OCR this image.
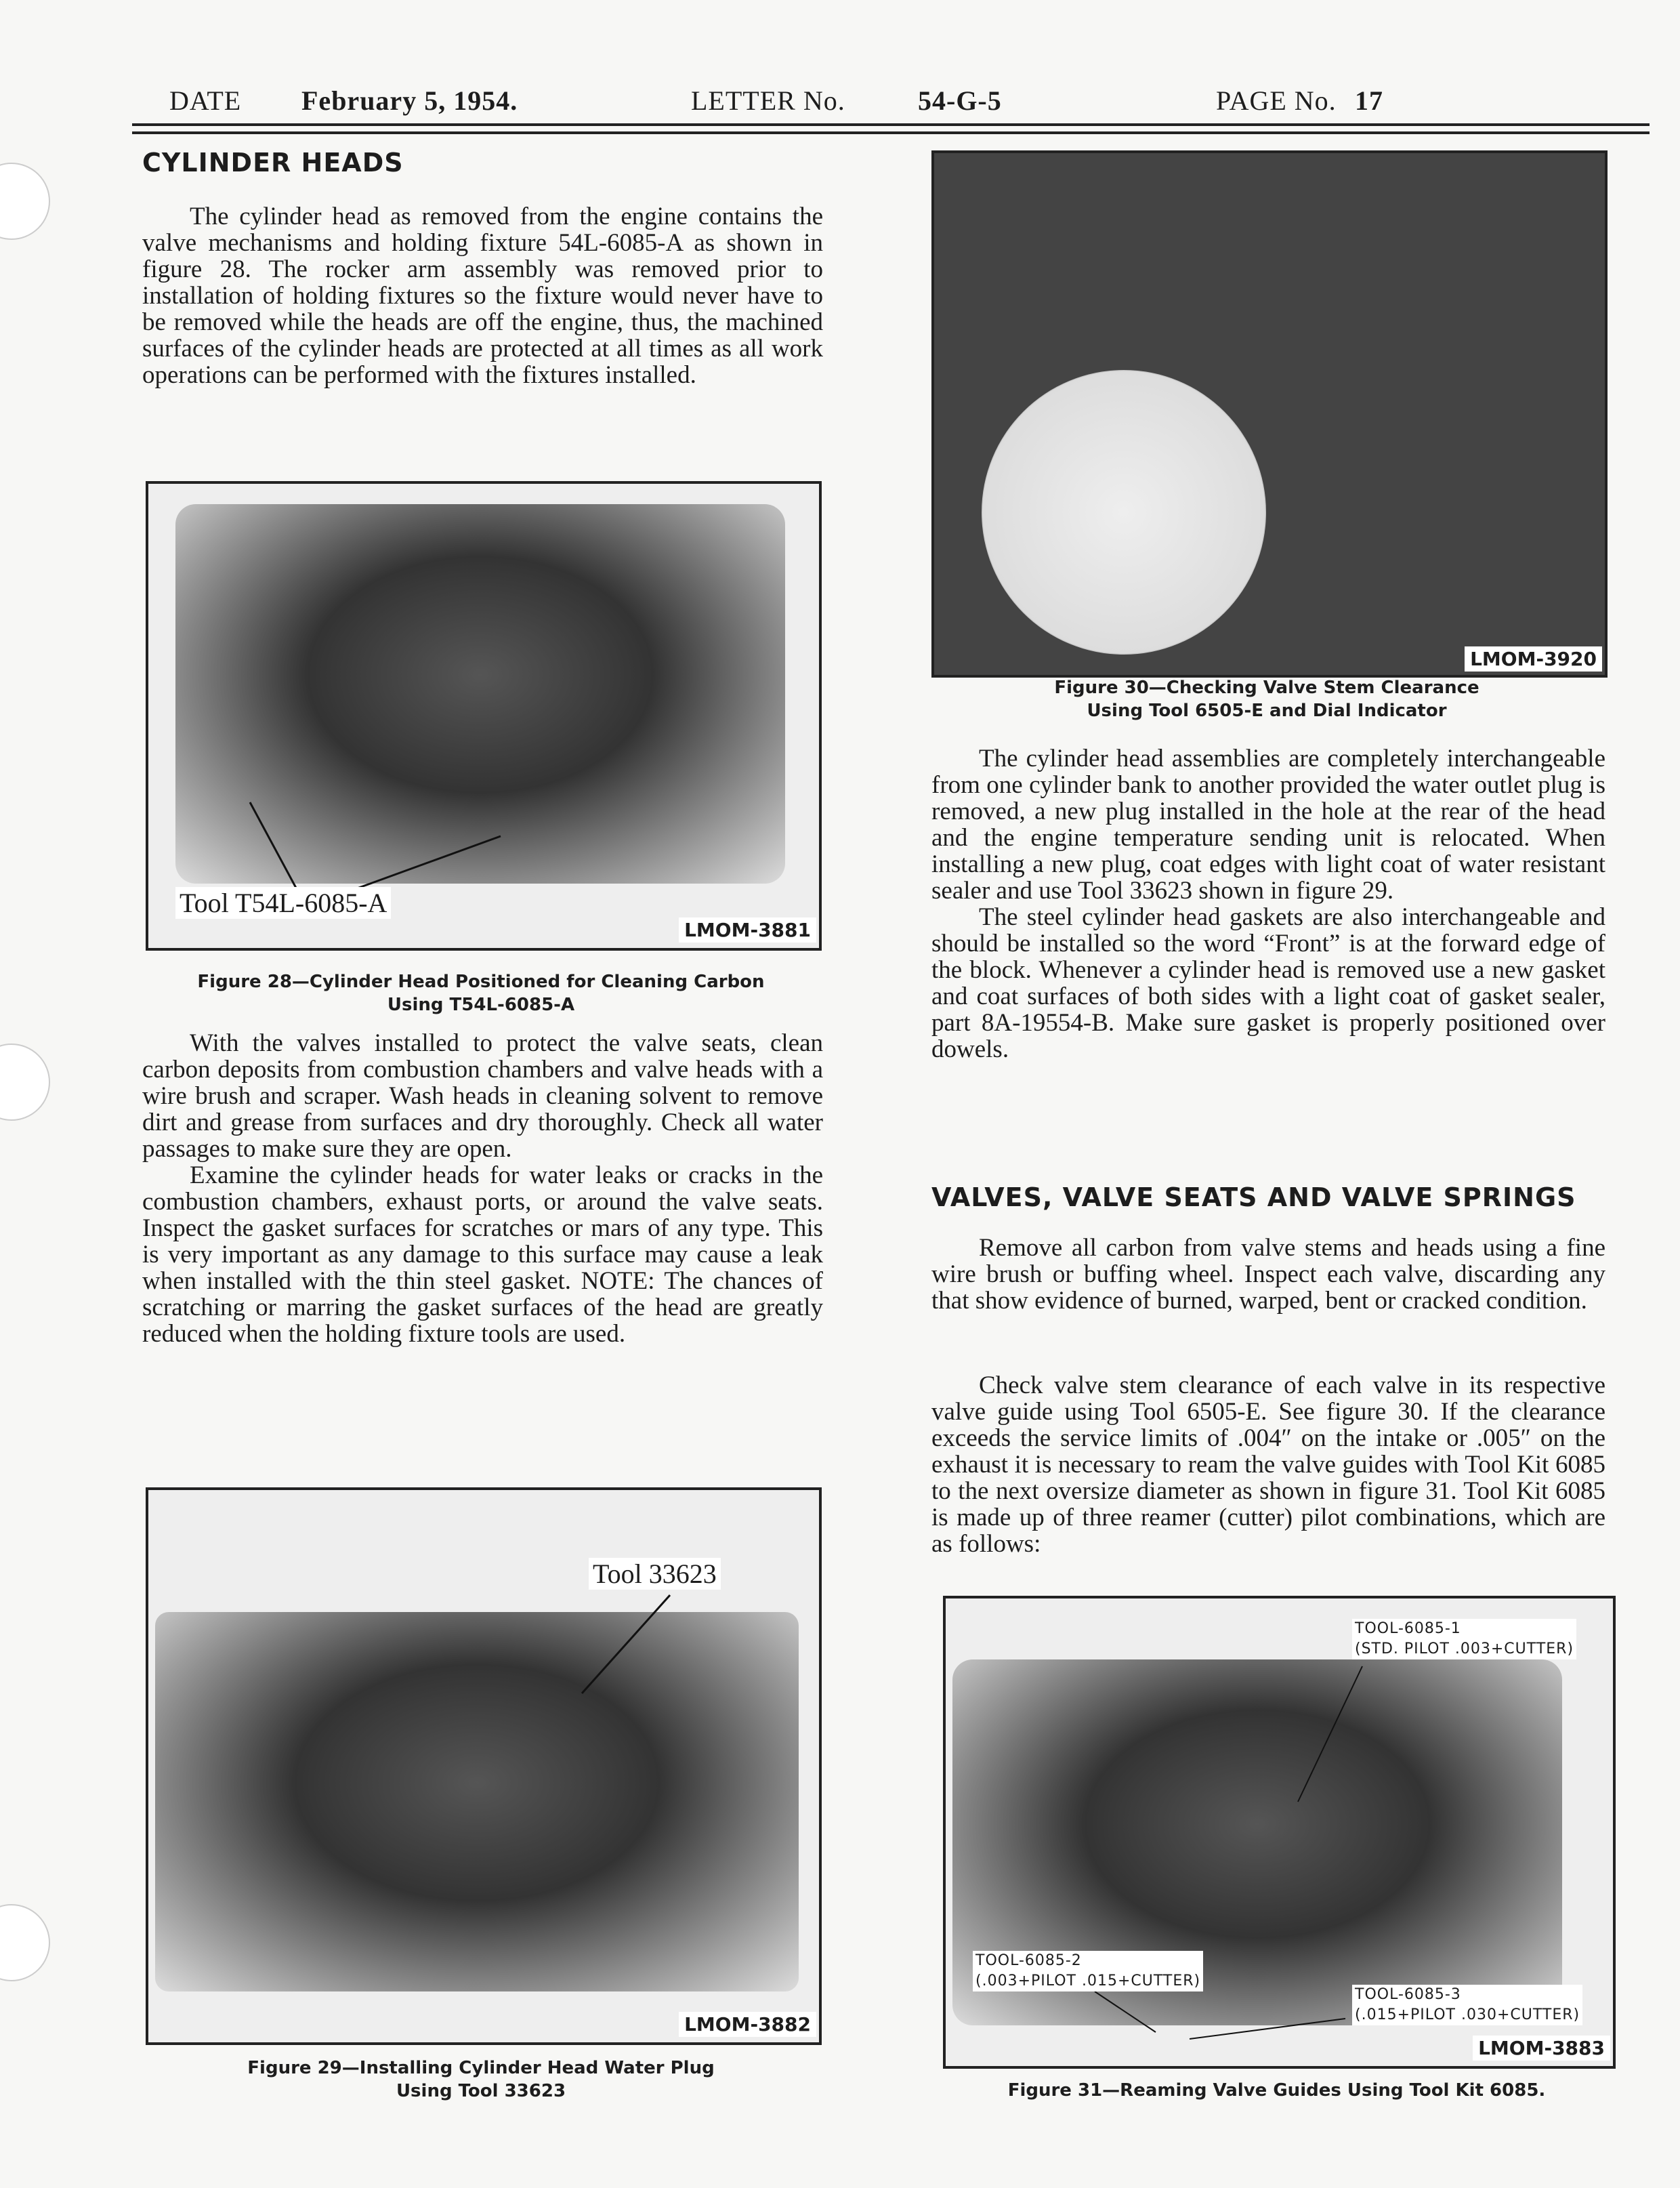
DATE February 5, 1954.	LETTER No.	54-G-5	PAGE No. 17
CYLINDER HEADS

The cylinder head as removed from the engine contains the valve mechanisms and holding fixture 54L-6085-A as shown in figure 28. The rocker arm assembly was removed prior to installation of holding fixtures so the fixture would never have to be removed while the heads are off the engine, thus, the machined surfaces of the cylinder heads are protected at all times as all work operations can be performed with the fixtures installed.

Tool T54L-6085-A
LMOM-3881
Figure 28—Cylinder Head Positioned for Cleaning Carbon
Using T54L-6085-A

With the valves installed to protect the valve seats, clean carbon deposits from combustion chambers and valve heads with a wire brush and scraper. Wash heads in cleaning solvent to remove dirt and grease from surfaces and dry thoroughly. Check all water passages to make sure they are open.

Examine the cylinder heads for water leaks or cracks in the combustion chambers, exhaust ports, or around the valve seats. Inspect the gasket surfaces for scratches or mars of any type. This is very important as any damage to this surface may cause a leak when installed with the thin steel gasket. NOTE: The chances of scratching or marring the gasket surfaces of the head are greatly reduced when the holding fixture tools are used.

Tool 33623
LMOM-3882
Figure 29—Installing Cylinder Head Water Plug
Using Tool 33623
LMOM-3920
Figure 30—Checking Valve Stem Clearance
Using Tool 6505-E and Dial Indicator

The cylinder head assemblies are completely interchangeable from one cylinder bank to another provided the water outlet plug is removed, a new plug installed in the hole at the rear of the head and the engine temperature sending unit is relocated. When installing a new plug, coat edges with light coat of water resistant sealer and use Tool 33623 shown in figure 29.

The steel cylinder head gaskets are also interchangeable and should be installed so the word “Front” is at the forward edge of the block. Whenever a cylinder head is removed use a new gasket and coat surfaces of both sides with a light coat of gasket sealer, part 8A-19554-B. Make sure gasket is properly positioned over dowels.

VALVES, VALVE SEATS AND VALVE SPRINGS

Remove all carbon from valve stems and heads using a fine wire brush or buffing wheel. Inspect each valve, discarding any that show evidence of burned, warped, bent or cracked condition.

Check valve stem clearance of each valve in its respective valve guide using Tool 6505-E. See figure 30. If the clearance exceeds the service limits of .004″ on the intake or .005″ on the exhaust it is necessary to ream the valve guides with Tool Kit 6085 to the next oversize diameter as shown in figure 31. Tool Kit 6085 is made up of three reamer (cutter) pilot combinations, which are as follows:

TOOL-6085-1
(STD. PILOT .003+CUTTER)
TOOL-6085-2
(.003+PILOT .015+CUTTER)
TOOL-6085-3
(.015+PILOT .030+CUTTER)
LMOM-3883
Figure 31—Reaming Valve Guides Using Tool Kit 6085.
